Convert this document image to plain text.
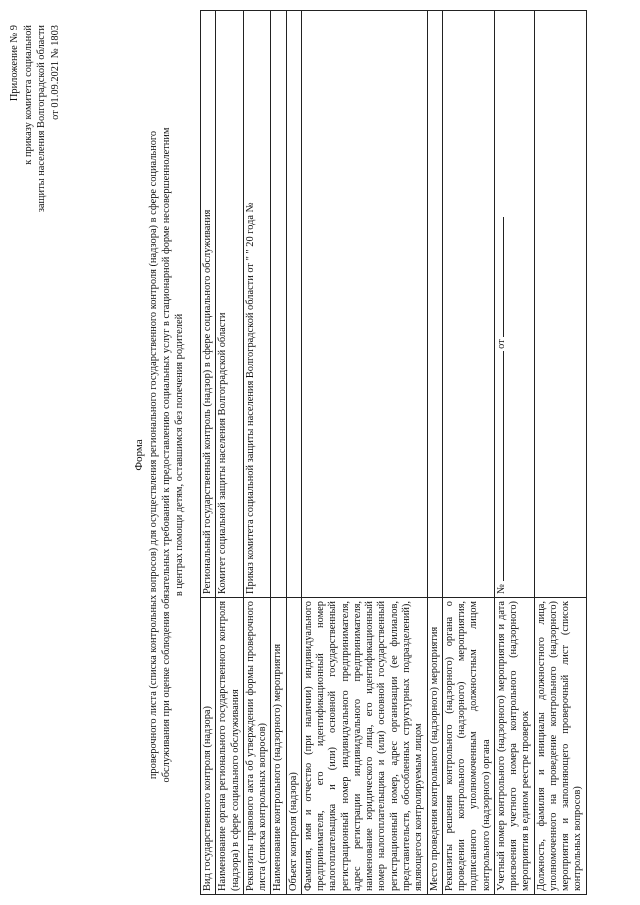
Приложение № 9 к приказу комитета социальной защиты населения Волгоградской области от 01.09.2021 № 1803
Форма проверочного листа (списка контрольных вопросов) для осуществления регионального государственного контроля (надзора) в сфере социального обслуживания при оценке соблюдения обязательных требований к предоставлению социальных услуг в стационарной форме несовершеннолетним в центрах помощи детям, оставшимся без попечения родителей
Вид государственного контроля (надзора)	Региональный государственный контроль (надзор) в сфере социального обслуживания
Наименование органа регионального государственного контроля (надзора) в сфере социального обслуживания	Комитет социальной защиты населения Волгоградской области
Реквизиты правового акта об утверждении формы проверочного листа (списка контрольных вопросов)	Приказ комитета социальной защиты населения Волгоградской области от " " 20 года №
Наименование контрольного (надзорного) мероприятия	
Объект контроля (надзора)	
Фамилия, имя и отчество (при наличии) индивидуального предпринимателя, его идентификационный номер налогоплательщика и (или) основной государственный регистрационный номер индивидуального предпринимателя, адрес регистрации индивидуального предпринимателя, наименование юридического лица, его идентификационный номер налогоплательщика и (или) основной государственный регистрационный номер, адрес организации (ее филиалов, представительств, обособленных структурных подразделений), являющегося контролируемым лицом	
Место проведения контрольного (надзорного) мероприятия	
Реквизиты решения контрольного (надзорного) органа о проведении контрольного (надзорного) мероприятия, подписанного уполномоченным должностным лицом контрольного (надзорного) органа	
Учетный номер контрольного (надзорного) мероприятия и дата присвоения учетного номера контрольного (надзорного) мероприятия в едином реестре проверок	№  от
Должность, фамилия и инициалы должностного лица, уполномоченного на проведение контрольного (надзорного) мероприятия и заполняющего проверочный лист (список контрольных вопросов)	
